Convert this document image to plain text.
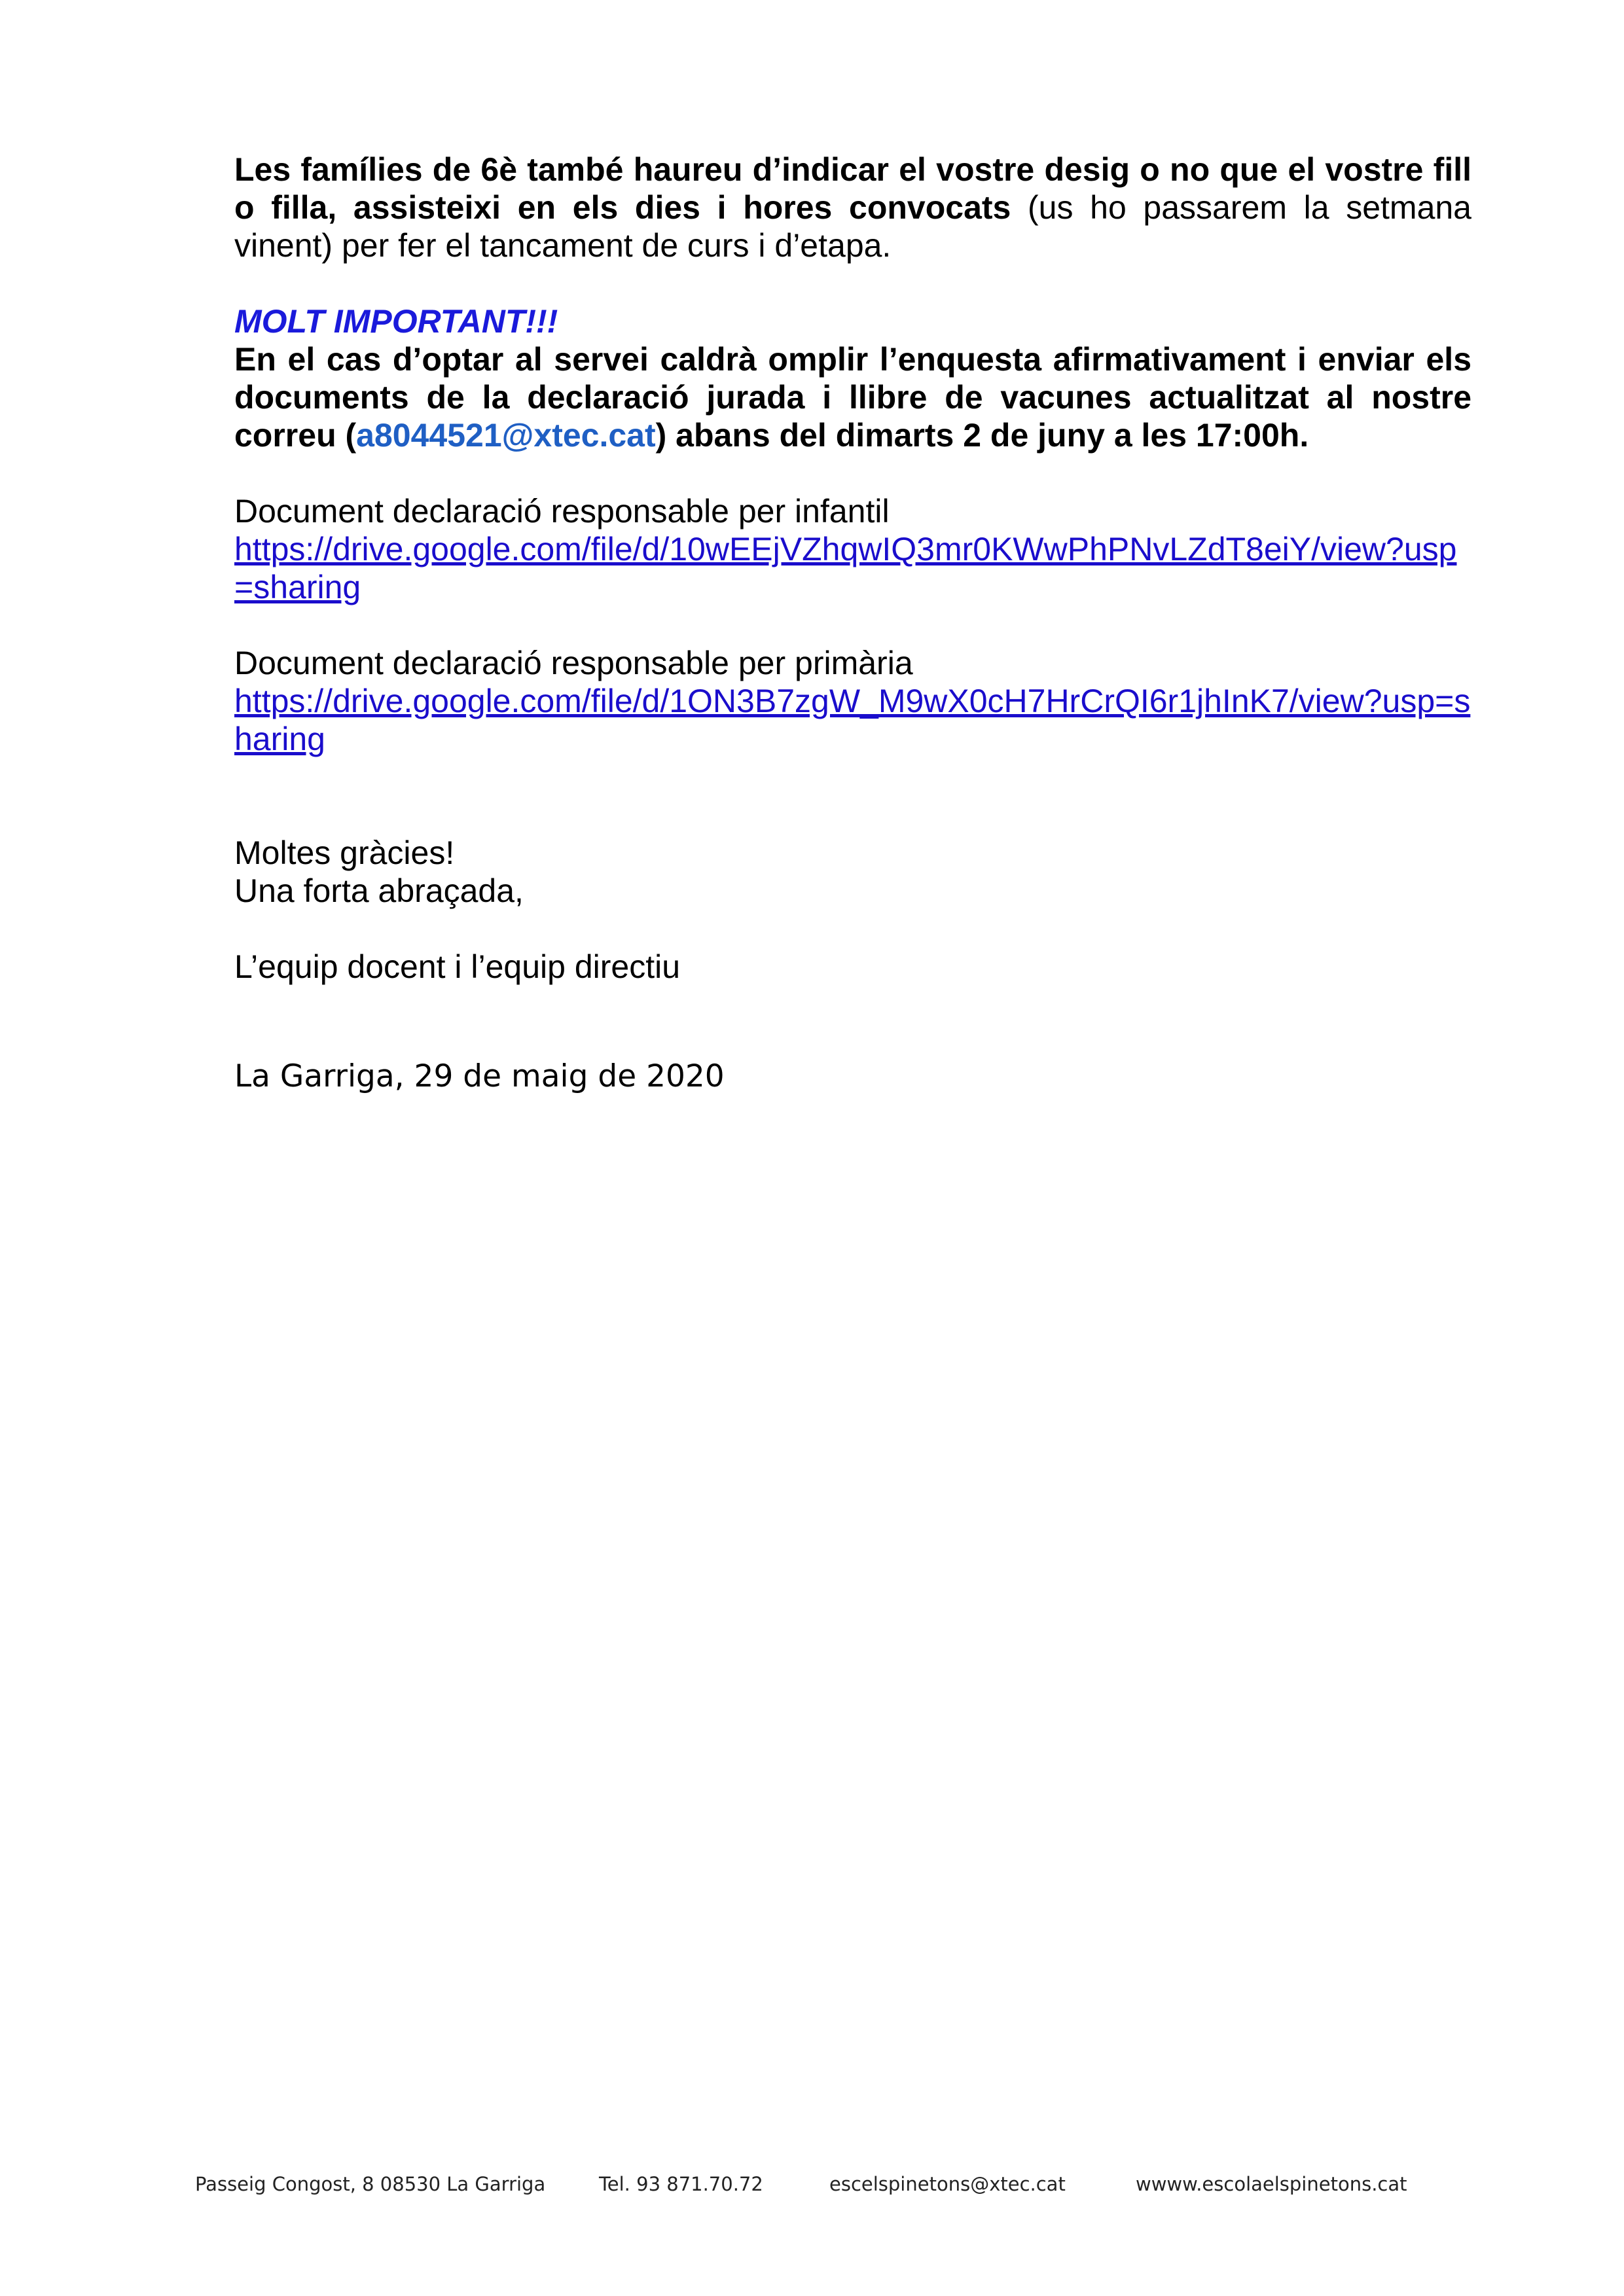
Les famílies de 6è també haureu d’indicar el vostre desig o no que el vostre fill o filla, assisteixi en els dies i hores convocats (us ho passarem la setmana vinent) per fer el tancament de curs i d’etapa.

MOLT IMPORTANT!!!

En el cas d’optar al servei caldrà omplir l’enquesta afirmativament i enviar els documents de la declaració jurada i llibre de vacunes actualitzat al nostre correu (a8044521@xtec.cat) abans del dimarts 2 de juny a les 17:00h.

Document declaració responsable per infantil

https://drive.google.com/file/d/10wEEjVZhqwIQ3mr0KWwPhPNvLZdT8eiY/view?usp=sharing

Document declaració responsable per primària

https://drive.google.com/file/d/1ON3B7zgW_M9wX0cH7HrCrQI6r1jhInK7/view?usp=sharing

Moltes gràcies!

Una forta abraçada,

L’equip docent i l’equip directiu

La Garriga, 29 de maig de 2020

Passeig Congost, 8 08530 La Garriga	Tel. 93 871.70.72	escelspinetons@xtec.cat	wwww.escolaelspinetons.cat
